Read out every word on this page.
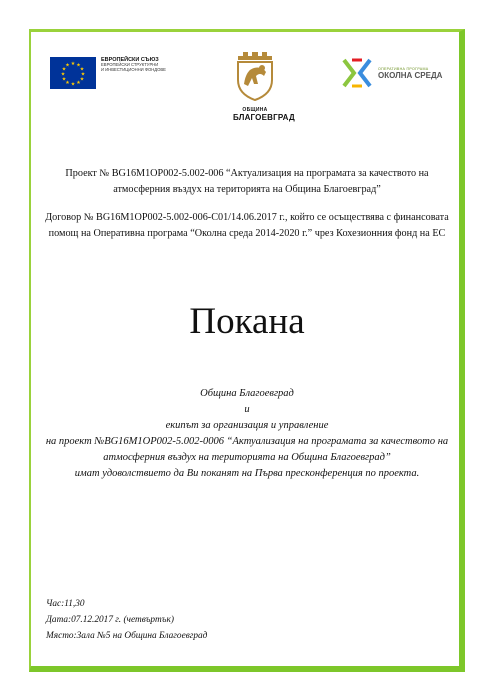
★ ★
★
★
★
★
★
★
★
★
★
★
ЕВРОПЕЙСКИ СЪЮЗ
ЕВРОПЕЙСКИ СТРУКТУРНИ
И ИНВЕСТИЦИОННИ ФОНДОВЕ
ОБЩИНА
БЛАГОЕВГРАД
ОПЕРАТИВНА ПРОГРАМА
ОКОЛНА СРЕДА
Проект № BG16M1OP002-5.002-006 “Актуализация на програмата за качеството на атмосферния въздух на територията на Община Благоевград”
Договор № BG16M1OP002-5.002-006-C01/14.06.2017 г., който се осъществява с финансовата помощ на Оперативна програма “Околна среда 2014-2020 г.” чрез Кохезионния фонд на ЕС
Покана
Община Благоевград
и
екипът за организация и управление
на проект №BG16M1OP002-5.002-0006 “Актуализация на програмата за качеството на атмосферния въздух на територията на Община Благоевград”
имат удоволствието да Ви поканят на Първа пресконференция по проекта.
Час:11,30
Дата:07.12.2017 г. (четвъртък)
Място:Зала №5 на Община Благоевград
